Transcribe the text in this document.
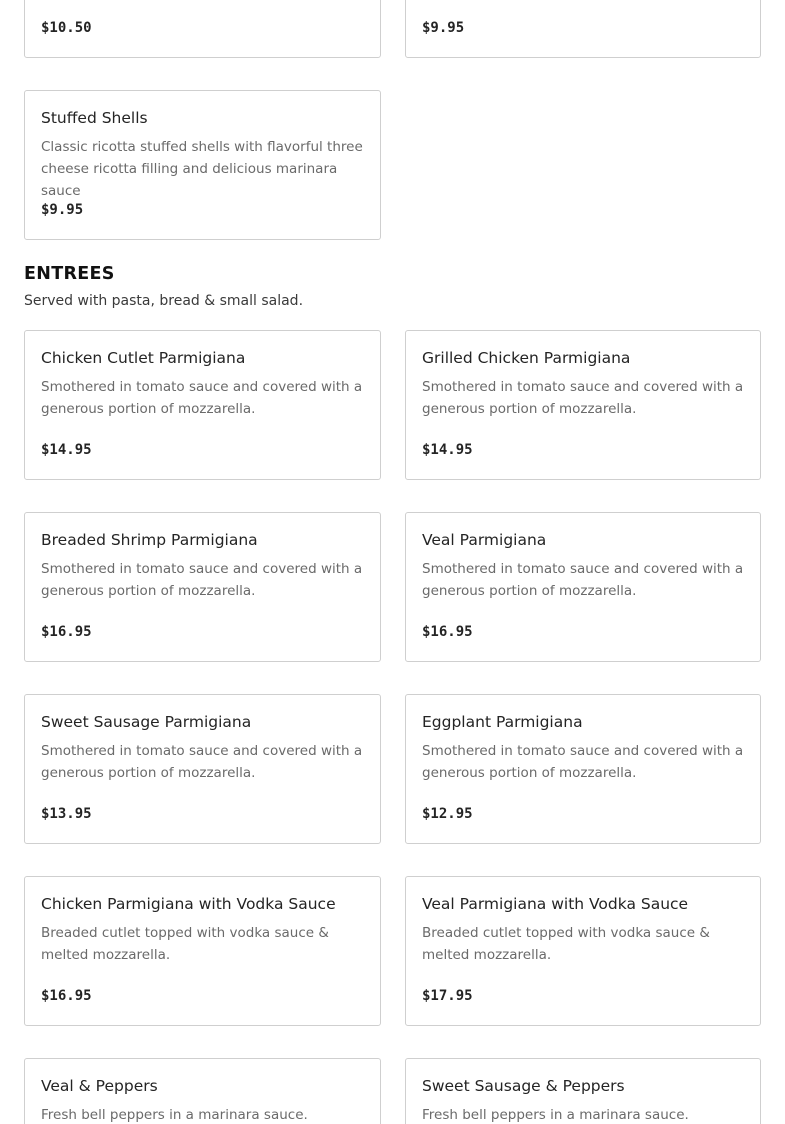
$10.50	$9.95
Stuffed Shells
Classic ricotta stuffed shells with flavorful three cheese ricotta filling and delicious marinara sauce
$9.95
ENTREES

Served with pasta, bread & small salad.

Chicken Cutlet Parmigiana
Smothered in tomato sauce and covered with a generous portion of mozzarella.
$14.95
Grilled Chicken Parmigiana
Smothered in tomato sauce and covered with a generous portion of mozzarella.
$14.95
Breaded Shrimp Parmigiana
Smothered in tomato sauce and covered with a generous portion of mozzarella.
$16.95
Veal Parmigiana
Smothered in tomato sauce and covered with a generous portion of mozzarella.
$16.95
Sweet Sausage Parmigiana
Smothered in tomato sauce and covered with a generous portion of mozzarella.
$13.95
Eggplant Parmigiana
Smothered in tomato sauce and covered with a generous portion of mozzarella.
$12.95
Chicken Parmigiana with Vodka Sauce
Breaded cutlet topped with vodka sauce & melted mozzarella.
$16.95
Veal Parmigiana with Vodka Sauce
Breaded cutlet topped with vodka sauce & melted mozzarella.
$17.95
Veal & Peppers
Fresh bell peppers in a marinara sauce.
Sweet Sausage & Peppers
Fresh bell peppers in a marinara sauce.
